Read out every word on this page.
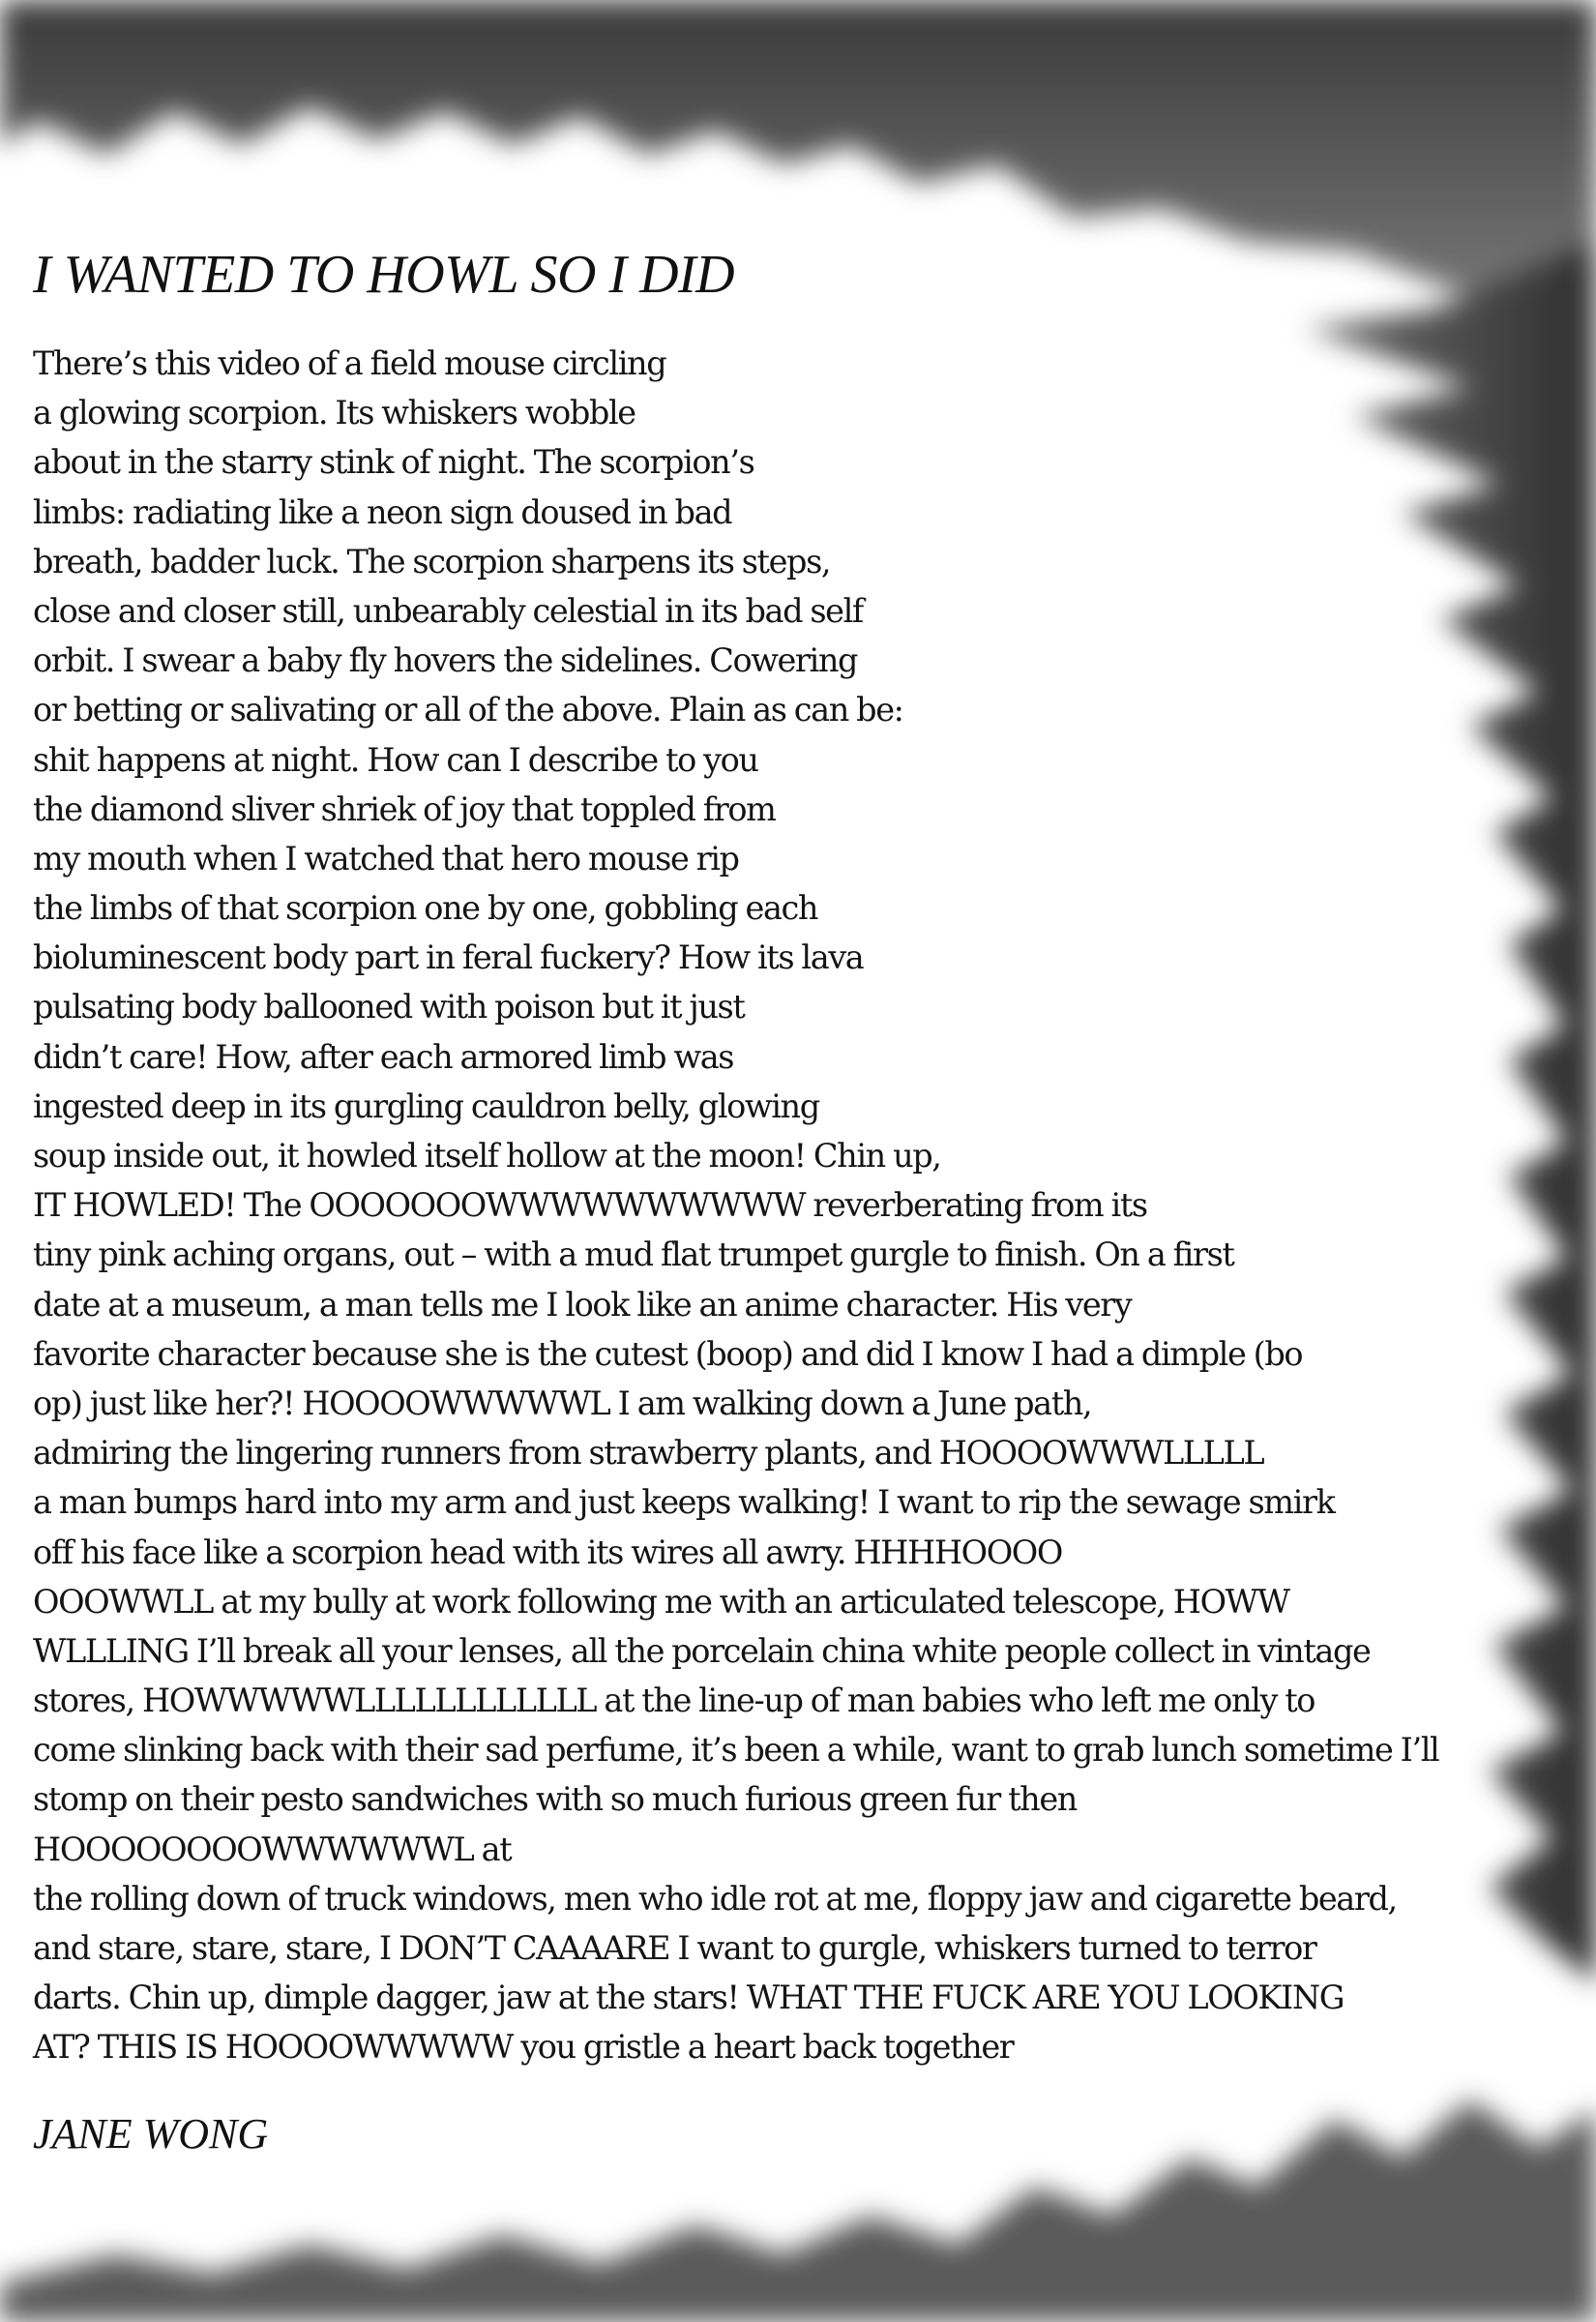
I WANTED TO HOWL SO I DID
There’s this video of a field mouse circling
a glowing scorpion. Its whiskers wobble
about in the starry stink of night. The scorpion’s
limbs: radiating like a neon sign doused in bad
breath, badder luck. The scorpion sharpens its steps,
close and closer still, unbearably celestial in its bad self
orbit. I swear a baby fly hovers the sidelines. Cowering
or betting or salivating or all of the above. Plain as can be:
shit happens at night. How can I describe to you
the diamond sliver shriek of joy that toppled from
my mouth when I watched that hero mouse rip
the limbs of that scorpion one by one, gobbling each
bioluminescent body part in feral fuckery? How its lava
pulsating body ballooned with poison but it just
didn’t care! How, after each armored limb was
ingested deep in its gurgling cauldron belly, glowing
soup inside out, it howled itself hollow at the moon! Chin up,
IT HOWLED! The OOOOOOOWWWWWWWWWW reverberating from its
tiny pink aching organs, out – with a mud flat trumpet gurgle to finish. On a first
date at a museum, a man tells me I look like an anime character. His very
favorite character because she is the cutest (boop) and did I know I had a dimple (bo
op) just like her?! HOOOOWWWWWL I am walking down a June path,
admiring the lingering runners from strawberry plants, and HOOOOWWWLLLLL
a man bumps hard into my arm and just keeps walking! I want to rip the sewage smirk
off his face like a scorpion head with its wires all awry. HHHHOOOO
OOOWWLL at my bully at work following me with an articulated telescope, HOWW
WLLLING I’ll break all your lenses, all the porcelain china white people collect in vintage
stores, HOWWWWWLLLLLLLLLLLL at the line-up of man babies who left me only to
come slinking back with their sad perfume, it’s been a while, want to grab lunch sometime I’ll
stomp on their pesto sandwiches with so much furious green fur then
HOOOOOOOOWWWWWWL at
the rolling down of truck windows, men who idle rot at me, floppy jaw and cigarette beard,
and stare, stare, stare, I DON’T CAAAARE I want to gurgle, whiskers turned to terror
darts. Chin up, dimple dagger, jaw at the stars! WHAT THE FUCK ARE YOU LOOKING
AT? THIS IS HOOOOWWWWW you gristle a heart back together

JANE WONG
